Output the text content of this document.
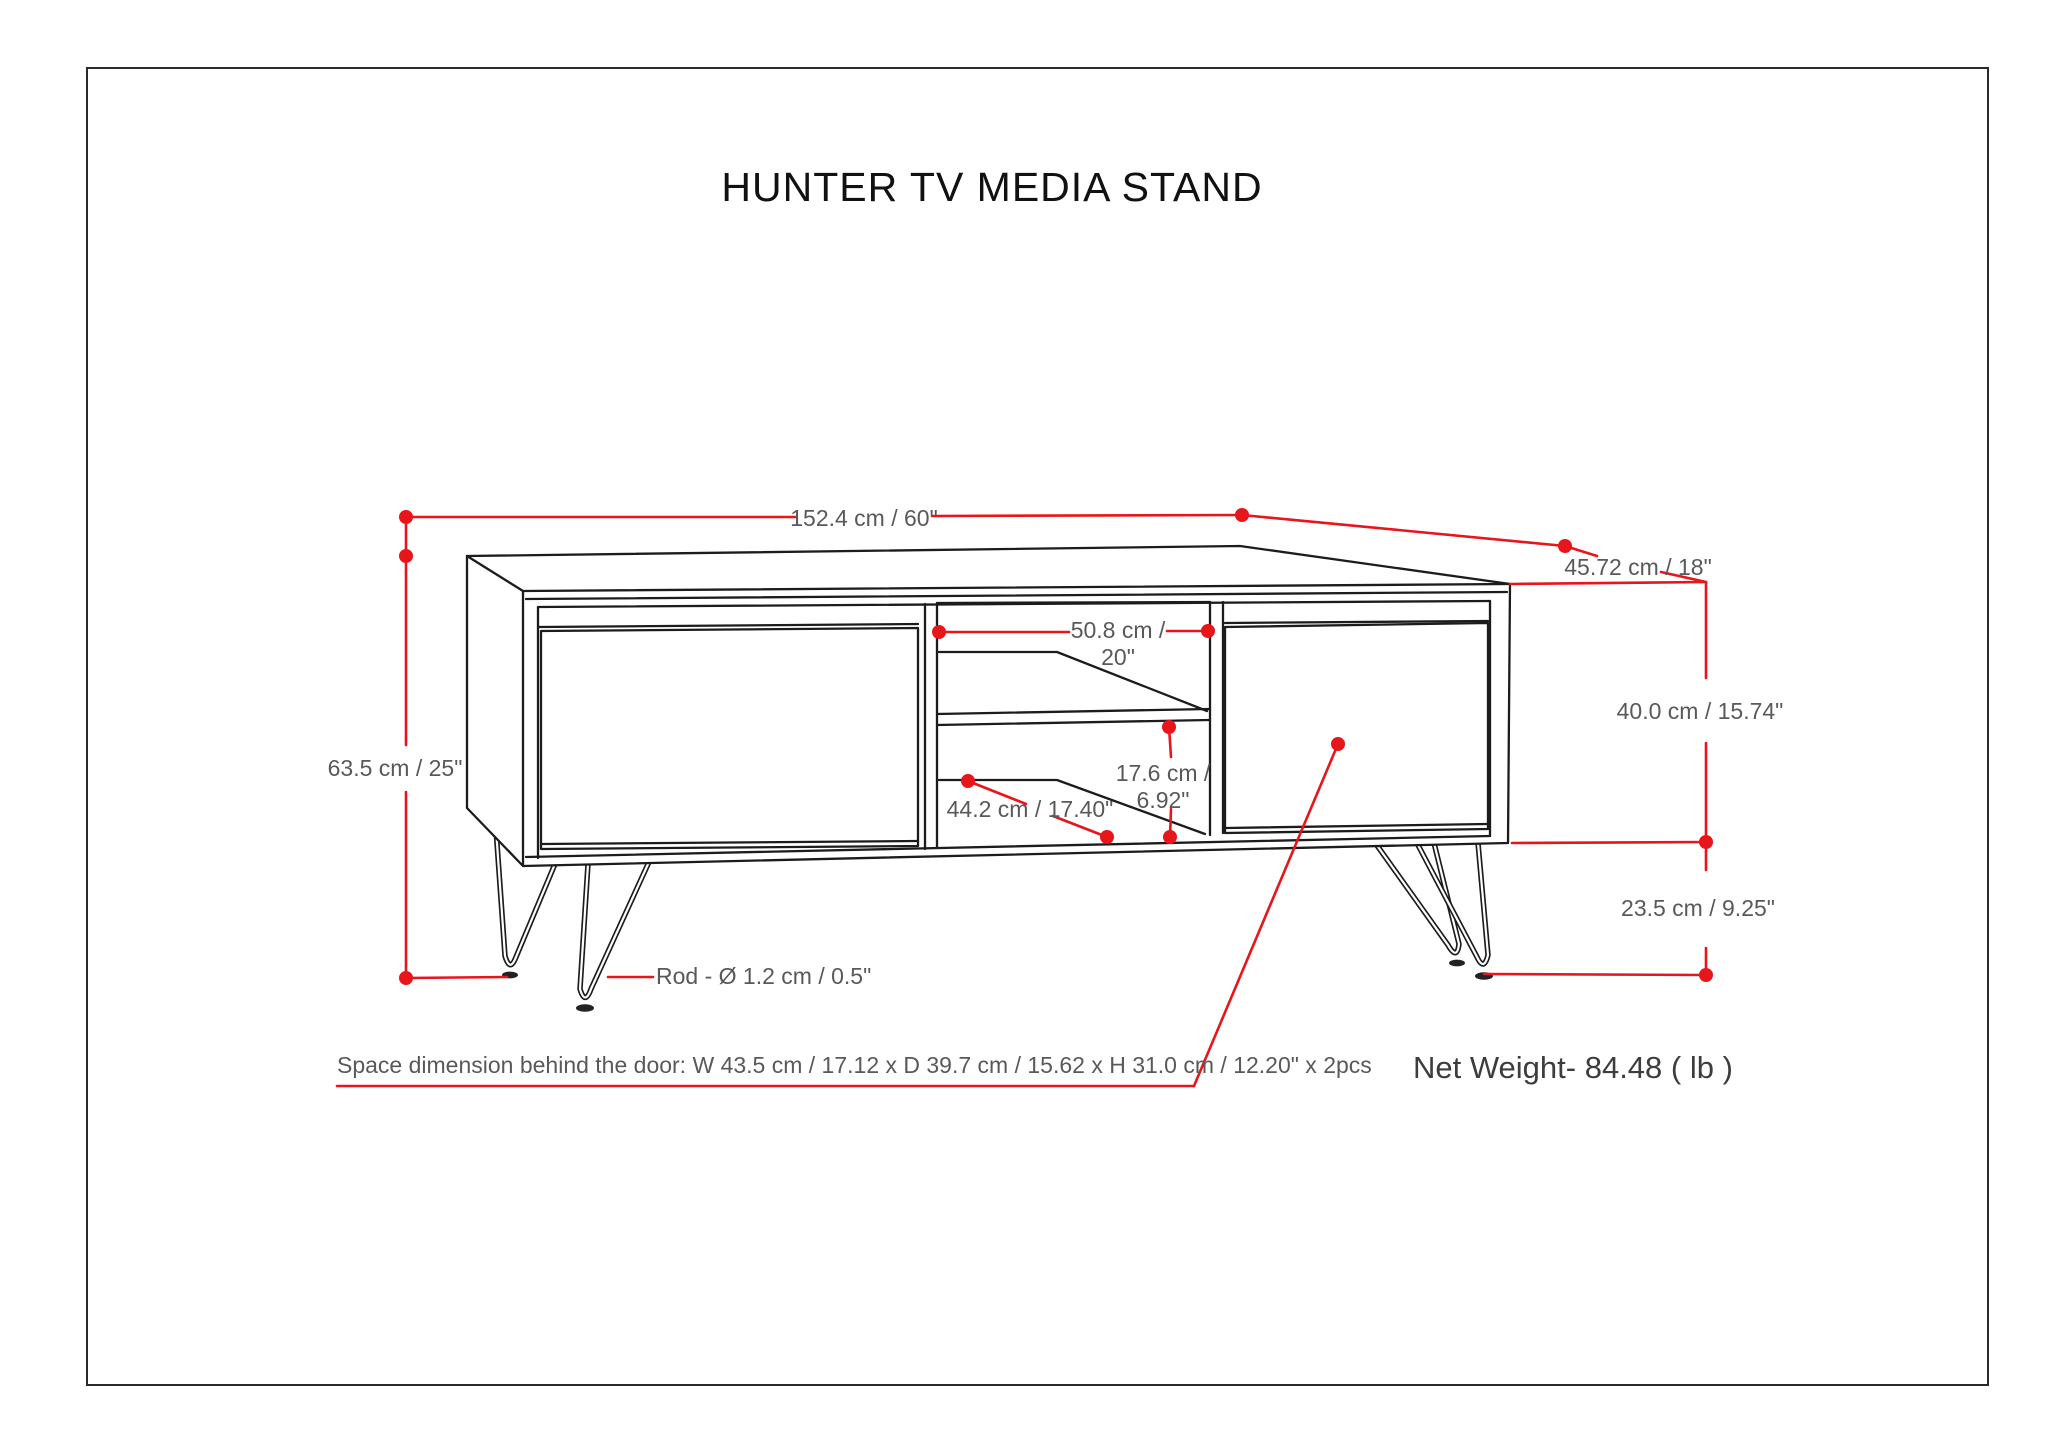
HUNTER TV MEDIA STAND
152.4 cm / 60"
45.72 cm / 18"
63.5 cm / 25"
50.8 cm /
20"
17.6 cm /
6.92"
44.2 cm / 17.40"
40.0 cm / 15.74"
23.5 cm / 9.25"
Rod - Ø 1.2 cm / 0.5"
Space dimension behind the door: W 43.5 cm / 17.12 x D 39.7 cm / 15.62 x H 31.0 cm / 12.20" x 2pcs Net Weight- 84.48 ( lb )
